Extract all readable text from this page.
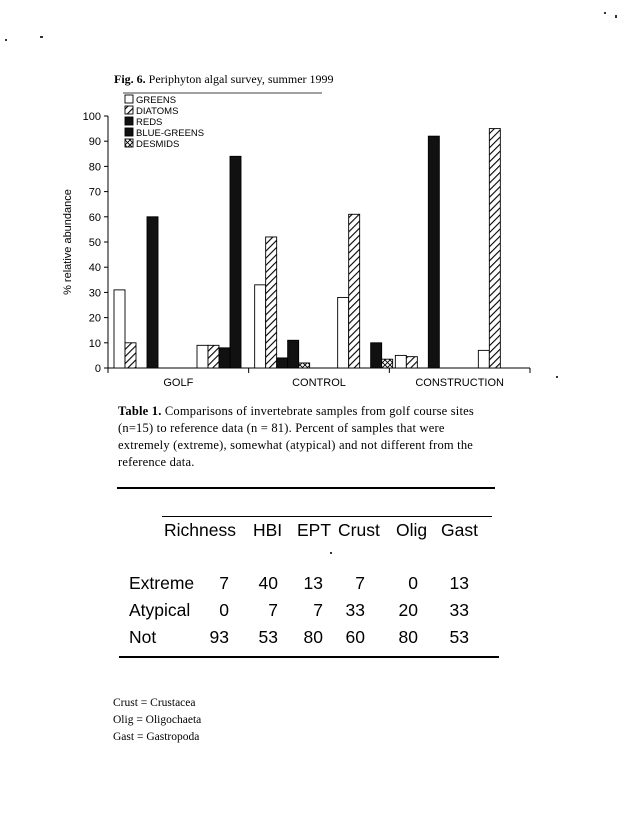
Fig. 6. Periphyton algal survey, summer 1999
0
10
20
30
40
50
60
70
80
90
100
% relative abundance
GOLF	CONTROL	CONSTRUCTION
GREENS
DIATOMS
REDS
BLUE-GREENS
DESMIDS
Table 1. Comparisons of invertebrate samples from golf course sites (n=15) to reference data (n = 81). Percent of samples that were extremely (extreme), somewhat (atypical) and not different from the reference data.
Richness HBI EPT Crust Olig Gast
Extreme	7	40	13	7	0	13
Atypical	0	7	7	33	20	33
Not	93	53	80	60	80	53
Crust = Crustacea
Olig = Oligochaeta
Gast = Gastropoda
